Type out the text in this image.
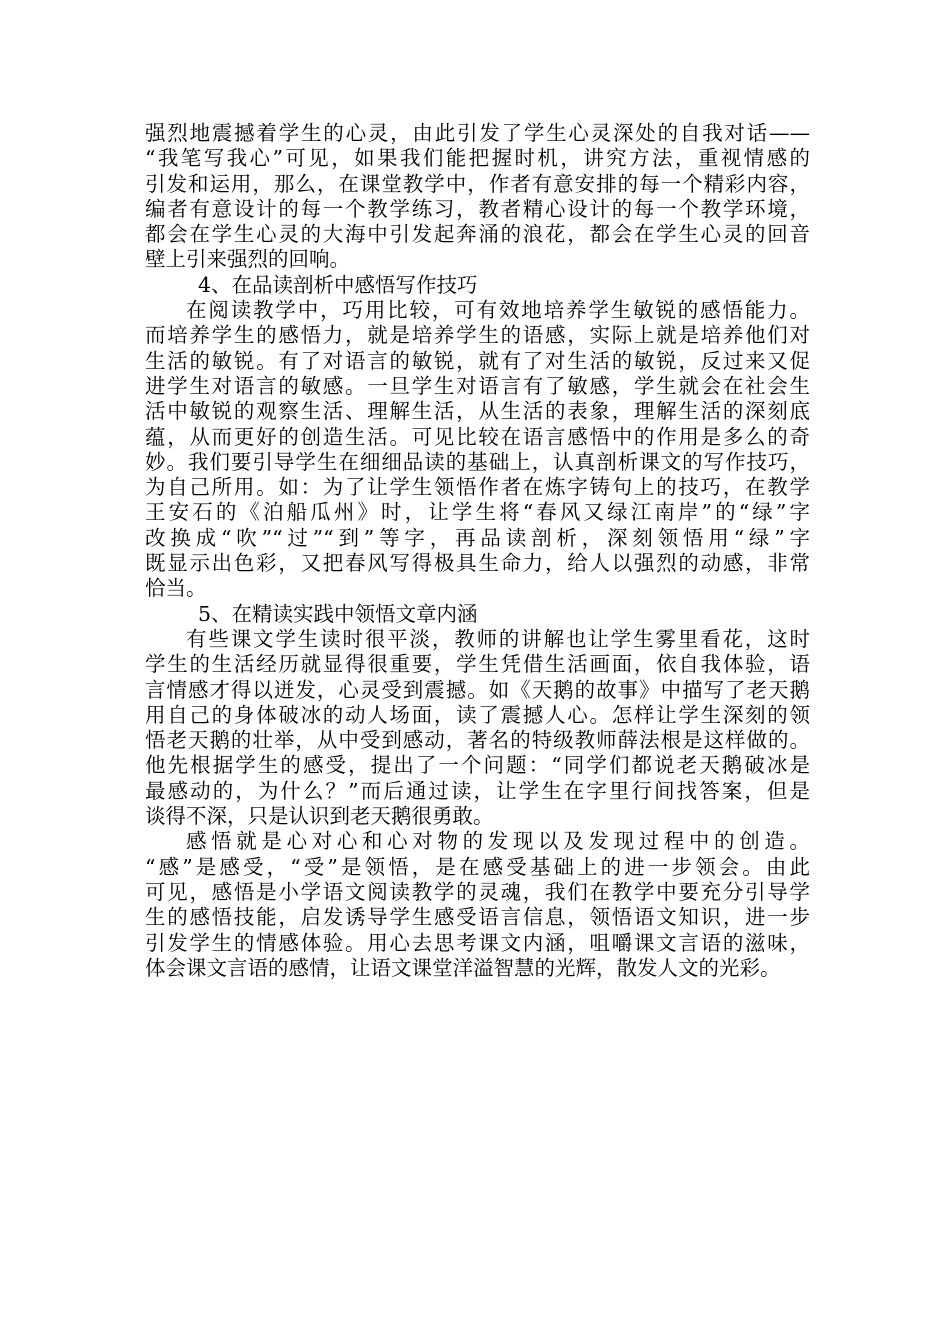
强烈地震撼着学生的心灵，由此引发了学生心灵深处的自我对话——
“我笔写我心”可见，如果我们能把握时机，讲究方法，重视情感的
引发和运用，那么，在课堂教学中，作者有意安排的每一个精彩内容，
编者有意设计的每一个教学练习，教者精心设计的每一个教学环境，
都会在学生心灵的大海中引发起奔涌的浪花，都会在学生心灵的回音
壁上引来强烈的回响。
4、在品读剖析中感悟写作技巧
在阅读教学中，巧用比较，可有效地培养学生敏锐的感悟能力。
而培养学生的感悟力，就是培养学生的语感，实际上就是培养他们对
生活的敏锐。有了对语言的敏锐，就有了对生活的敏锐，反过来又促
进学生对语言的敏感。一旦学生对语言有了敏感，学生就会在社会生
活中敏锐的观察生活、理解生活，从生活的表象，理解生活的深刻底
蕴，从而更好的创造生活。可见比较在语言感悟中的作用是多么的奇
妙。我们要引导学生在细细品读的基础上，认真剖析课文的写作技巧，
为自己所用。如：为了让学生领悟作者在炼字铸句上的技巧，在教学
王安石的《泊船瓜州》时，让学生将“春风又绿江南岸”的“绿”字
改换成“吹”“过”“到”等字，再品读剖析，深刻领悟用“绿”字
既显示出色彩，又把春风写得极具生命力，给人以强烈的动感，非常
恰当。
5、在精读实践中领悟文章内涵
有些课文学生读时很平淡，教师的讲解也让学生雾里看花，这时
学生的生活经历就显得很重要，学生凭借生活画面，依自我体验，语
言情感才得以迸发，心灵受到震撼。如《天鹅的故事》中描写了老天鹅
用自己的身体破冰的动人场面，读了震撼人心。怎样让学生深刻的领
悟老天鹅的壮举，从中受到感动，著名的特级教师薛法根是这样做的。
他先根据学生的感受，提出了一个问题：“同学们都说老天鹅破冰是
最感动的，为什么？”而后通过读，让学生在字里行间找答案，但是
谈得不深，只是认识到老天鹅很勇敢。
感悟就是心对心和心对物的发现以及发现过程中的创造。
“感”是感受，“受”是领悟，是在感受基础上的进一步领会。由此
可见，感悟是小学语文阅读教学的灵魂，我们在教学中要充分引导学
生的感悟技能，启发诱导学生感受语言信息，领悟语文知识，进一步
引发学生的情感体验。用心去思考课文内涵，咀嚼课文言语的滋味，
体会课文言语的感情，让语文课堂洋溢智慧的光辉，散发人文的光彩。
